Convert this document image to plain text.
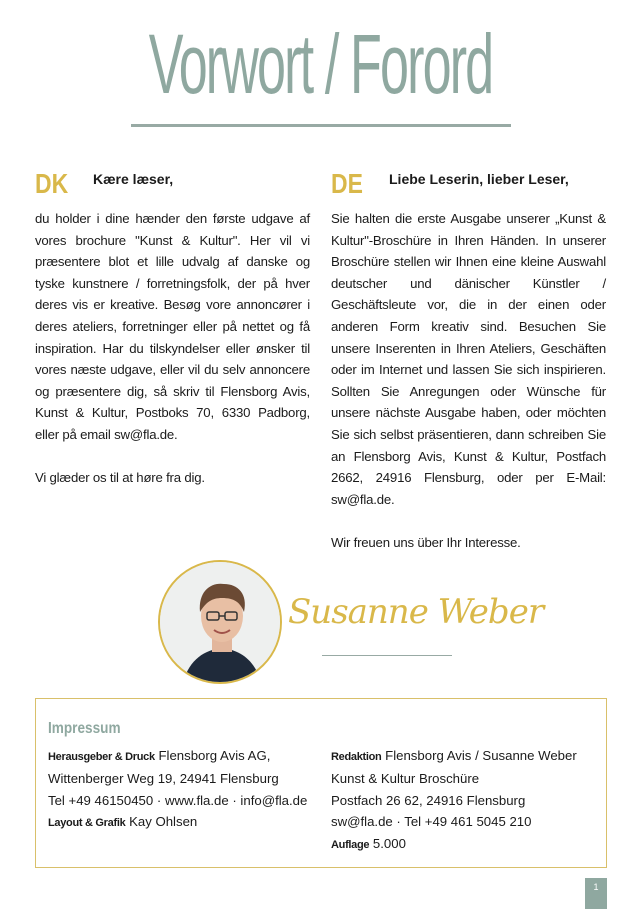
Vorwort / Forord
DK Kære læser,

du holder i dine hænder den første udgave af vores brochure "Kunst & Kultur". Her vil vi præsentere blot et lille udvalg af danske og tyske kunstnere / forretningsfolk, der på hver deres vis er kreative. Besøg vore annoncører i deres ateliers, forretninger eller på nettet og få inspiration. Har du tilskyndelser eller ønsker til vores næste udgave, eller vil du selv annoncere og præsentere dig, så skriv til Flensborg Avis, Kunst & Kultur, Postboks 70, 6330 Padborg, eller på email sw@fla.de.

Vi glæder os til at høre fra dig.

DE Liebe Leserin, lieber Leser,

Sie halten die erste Ausgabe unserer „Kunst & Kultur"-Broschüre in Ihren Händen. In unserer Broschüre stellen wir Ihnen eine kleine Auswahl deutscher und dänischer Künstler / Geschäftsleute vor, die in der einen oder anderen Form kreativ sind. Besuchen Sie unsere Inserenten in Ihren Ateliers, Geschäften oder im Internet und lassen Sie sich inspirieren. Sollten Sie Anregungen oder Wünsche für unsere nächste Ausgabe haben, oder möchten Sie sich selbst präsentieren, dann schreiben Sie an Flensborg Avis, Kunst & Kultur, Postfach 2662, 24916 Flensburg, oder per E-Mail: sw@fla.de.

Wir freuen uns über Ihr Interesse.

Susanne Weber
Impressum
Herausgeber & Druck Flensborg Avis AG,
Wittenberger Weg 19, 24941 Flensburg
Tel +49 46150450 · www.fla.de · info@fla.de
Layout & Grafik Kay Ohlsen
Redaktion Flensborg Avis / Susanne Weber
Kunst & Kultur Broschüre
Postfach 26 62, 24916 Flensburg
sw@fla.de · Tel +49 461 5045 210
Auflage 5.000
1
